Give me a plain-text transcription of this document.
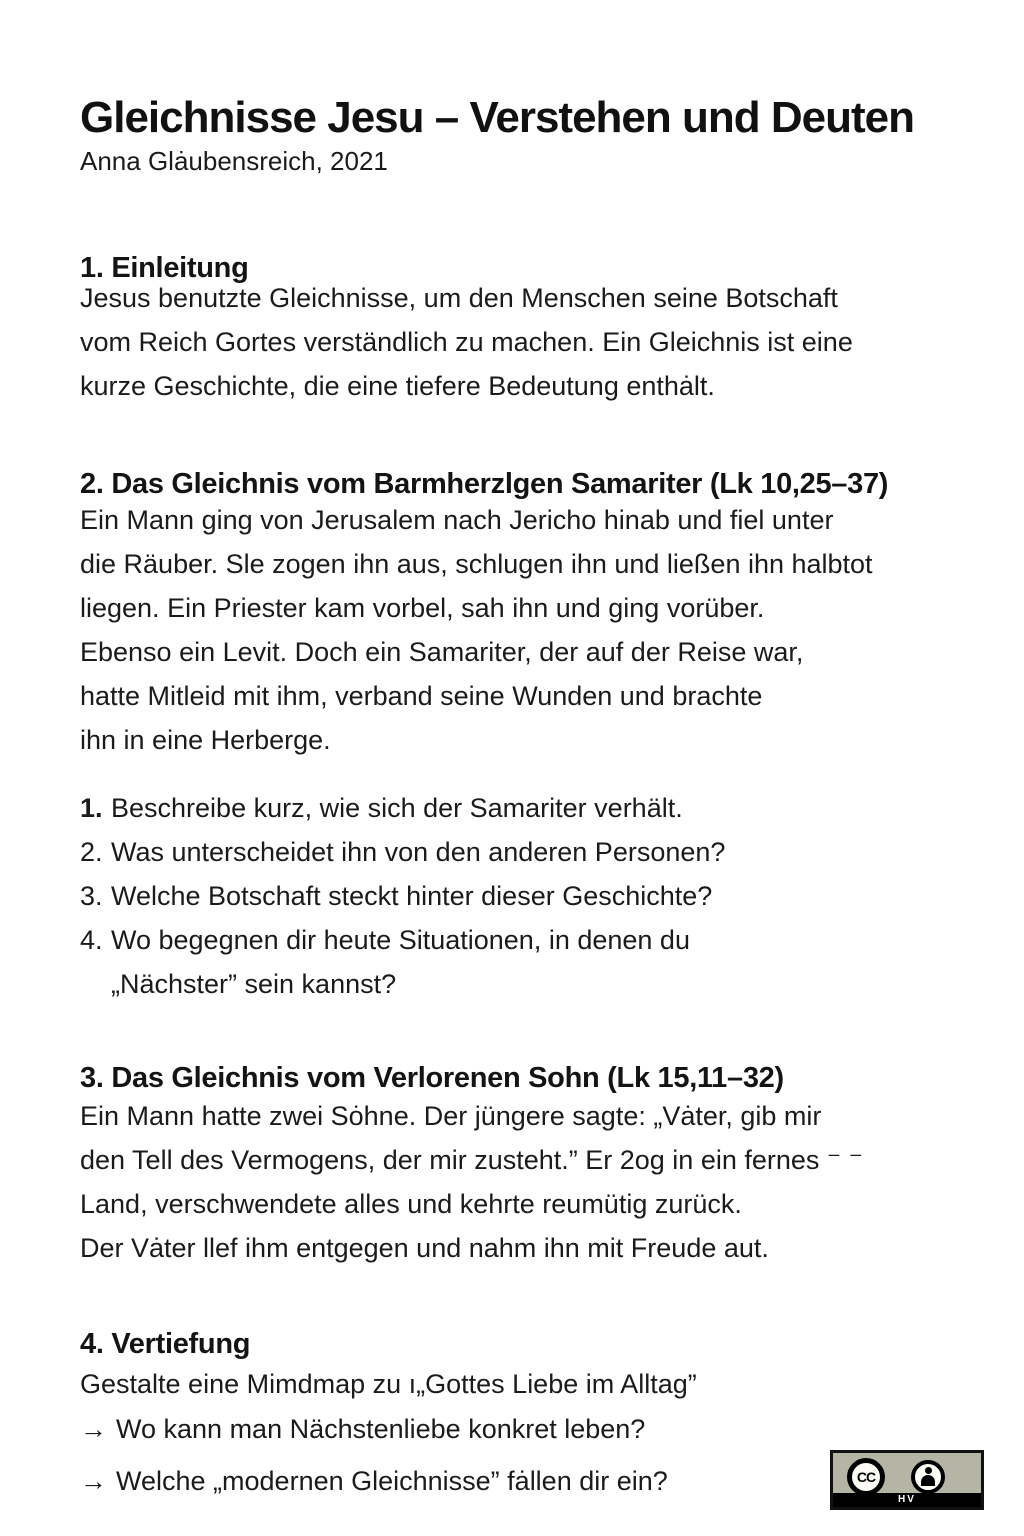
Gleichnisse Jesu – Verstehen und Deuten
Anna Glȧubensreich, 2021
1. Einleitung

Jesus benutzte Gleichnisse, um den Menschen seine Botschaft
vom Reich Gortes verständlich zu machen. Ein Gleichnis ist eine
kurze Geschichte, die eine tiefere Bedeutung enthȧlt.

2. Das Gleichnis vom Barmherzlgen Samariter (Lk 10,25–37)

Ein Mann ging von Jerusalem nach Jericho hinab und fiel unter
die Räuber. Sle zogen ihn aus, schlugen ihn und ließen ihn halbtot
liegen. Ein Priester kam vorbel, sah ihn und ging vorüber.
Ebenso ein Levit. Doch ein Samariter, der auf der Reise war,
hatte Mitleid mit ihm, verband seine Wunden und brachte
ihn in eine Herberge.

1. Beschreibe kurz, wie sich der Samariter verhält.
2. Was unterscheidet ihn von den anderen Personen?
3. Welche Botschaft steckt hinter dieser Geschichte?
4. Wo begegnen dir heute Situationen, in denen du
„Nächster” sein kannst?
3. Das Gleichnis vom Verlorenen Sohn (Lk 15,11–32)

Ein Mann hatte zwei Sȯhne. Der jüngere sagte: „Vȧter, gib mir
den Tell des Vermogens, der mir zusteht.” Er 2og in ein fernes ⁻ ⁻
Land, verschwendete alles und kehrte reumütig zurück.
Der Vȧter llef ihm entgegen und nahm ihn mit Freude aut.

4. Vertiefung

Gestalte eine Mimdmap zu ı„Gottes Liebe im Alltag”

→ Wo kann man Nächstenliebe konkret leben?
→ Welche „modernen Gleichnisse” fȧllen dir ein?	CC
HV
